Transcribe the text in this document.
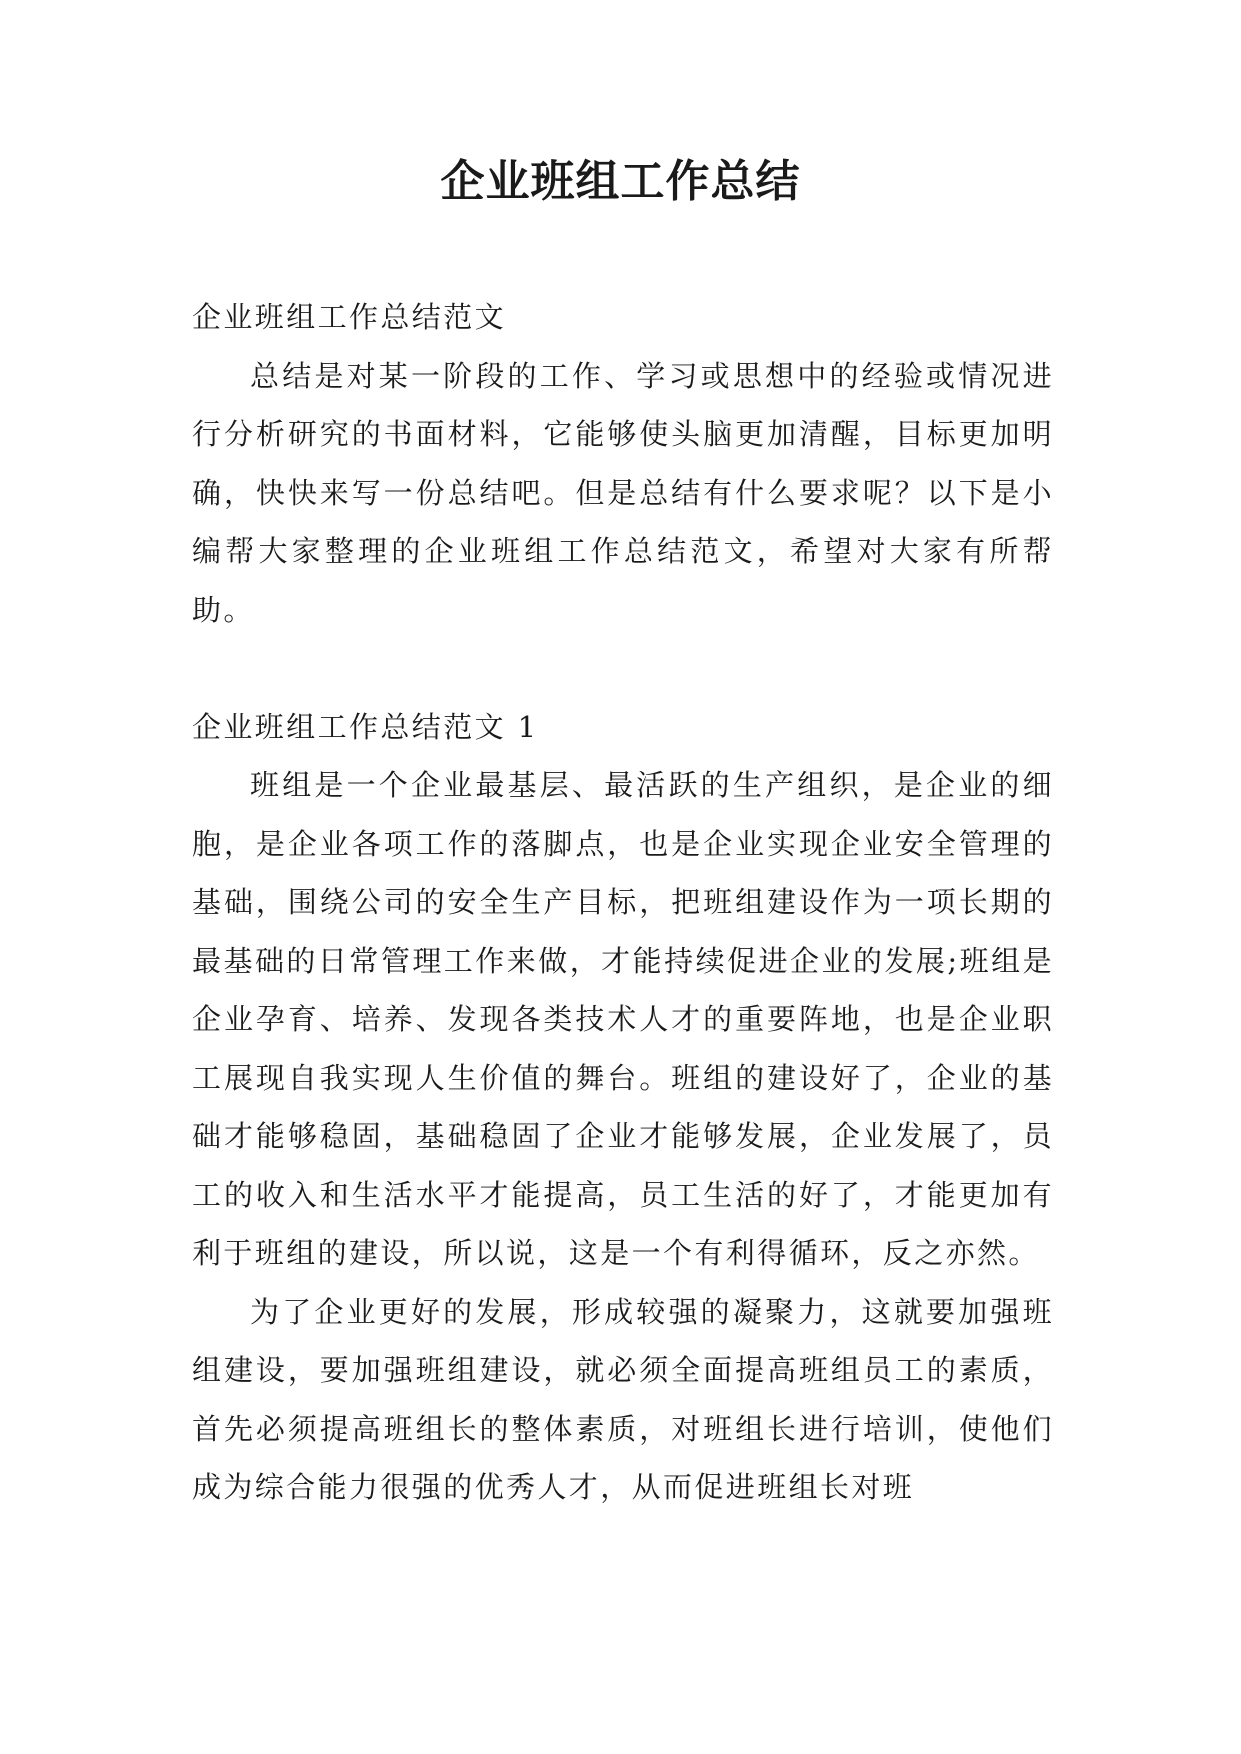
企业班组工作总结

企业班组工作总结范文

总结是对某一阶段的工作、学习或思想中的经验或情况进行分析研究的书面材料，它能够使头脑更加清醒，目标更加明确，快快来写一份总结吧。但是总结有什么要求呢？以下是小编帮大家整理的企业班组工作总结范文，希望对大家有所帮助。

企业班组工作总结范文 1

班组是一个企业最基层、最活跃的生产组织，是企业的细胞，是企业各项工作的落脚点，也是企业实现企业安全管理的基础，围绕公司的安全生产目标，把班组建设作为一项长期的最基础的日常管理工作来做，才能持续促进企业的发展;班组是企业孕育、培养、发现各类技术人才的重要阵地，也是企业职工展现自我实现人生价值的舞台。班组的建设好了，企业的基础才能够稳固，基础稳固了企业才能够发展，企业发展了，员工的收入和生活水平才能提高，员工生活的好了，才能更加有利于班组的建设，所以说，这是一个有利得循环，反之亦然。

为了企业更好的发展，形成较强的凝聚力，这就要加强班组建设，要加强班组建设，就必须全面提高班组员工的素质，首先必须提高班组长的整体素质，对班组长进行培训，使他们成为综合能力很强的优秀人才，从而促进班组长对班
